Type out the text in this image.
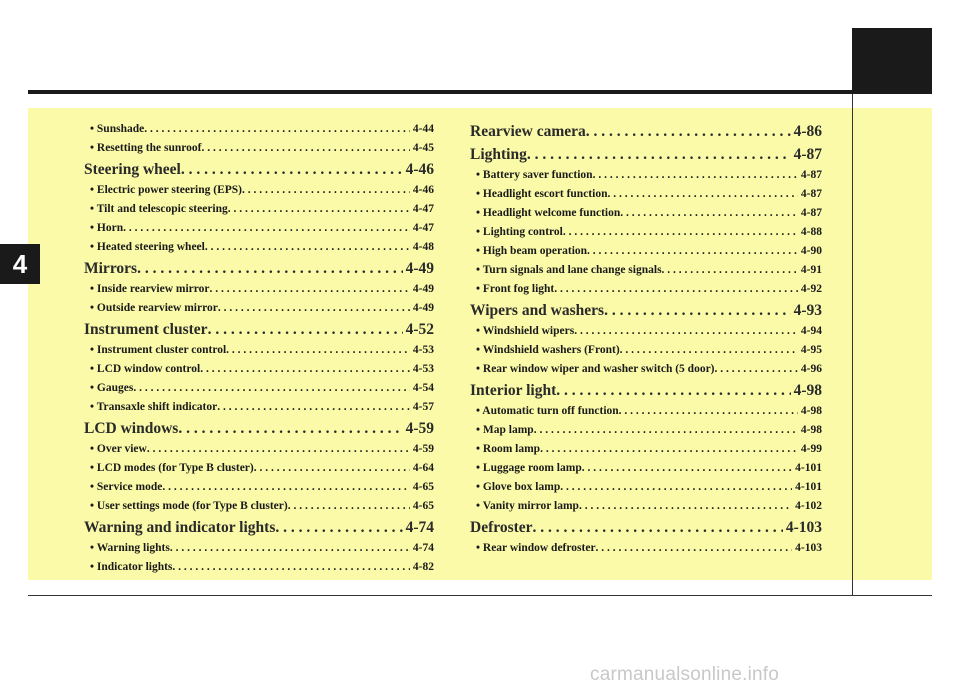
4
• Sunshade . . .	4-44
• Resetting the sunroof . . .	4-45
Steering wheel . . .	4-46
• Electric power steering (EPS) . . .	4-46
• Tilt and telescopic steering . . .	4-47
• Horn . . .	4-47
• Heated steering wheel . . .	4-48
Mirrors . . .	4-49
• Inside rearview mirror . . .	4-49
• Outside rearview mirror . . .	4-49
Instrument cluster . . .	4-52
• Instrument cluster control . . .	4-53
• LCD window control . . .	4-53
• Gauges . . .	4-54
• Transaxle shift indicator . . .	4-57
LCD windows . . .	4-59
• Over view . . .	4-59
• LCD modes (for Type B cluster) . . .	4-64
• Service mode . . .	4-65
• User settings mode (for Type B cluster) . . .	4-65
Warning and indicator lights . . .	4-74
• Warning lights . . .	4-74
• Indicator lights . . .	4-82
Rearview camera . . .	4-86
Lighting . . .	4-87
• Battery saver function . . .	4-87
• Headlight escort function . . .	4-87
• Headlight welcome function . . .	4-87
• Lighting control . . .	4-88
• High beam operation . . .	4-90
• Turn signals and lane change signals . . .	4-91
• Front fog light . . .	4-92
Wipers and washers . . .	4-93
• Windshield wipers . . .	4-94
• Windshield washers (Front) . . .	4-95
• Rear window wiper and washer switch (5 door) . . .	4-96
Interior light . . .	4-98
• Automatic turn off function . . .	4-98
• Map lamp . . .	4-98
• Room lamp . . .	4-99
• Luggage room lamp . . .	4-101
• Glove box lamp . . .	4-101
• Vanity mirror lamp . . .	4-102
Defroster . . .	4-103
• Rear window defroster . . .	4-103
carmanualsonline.info
